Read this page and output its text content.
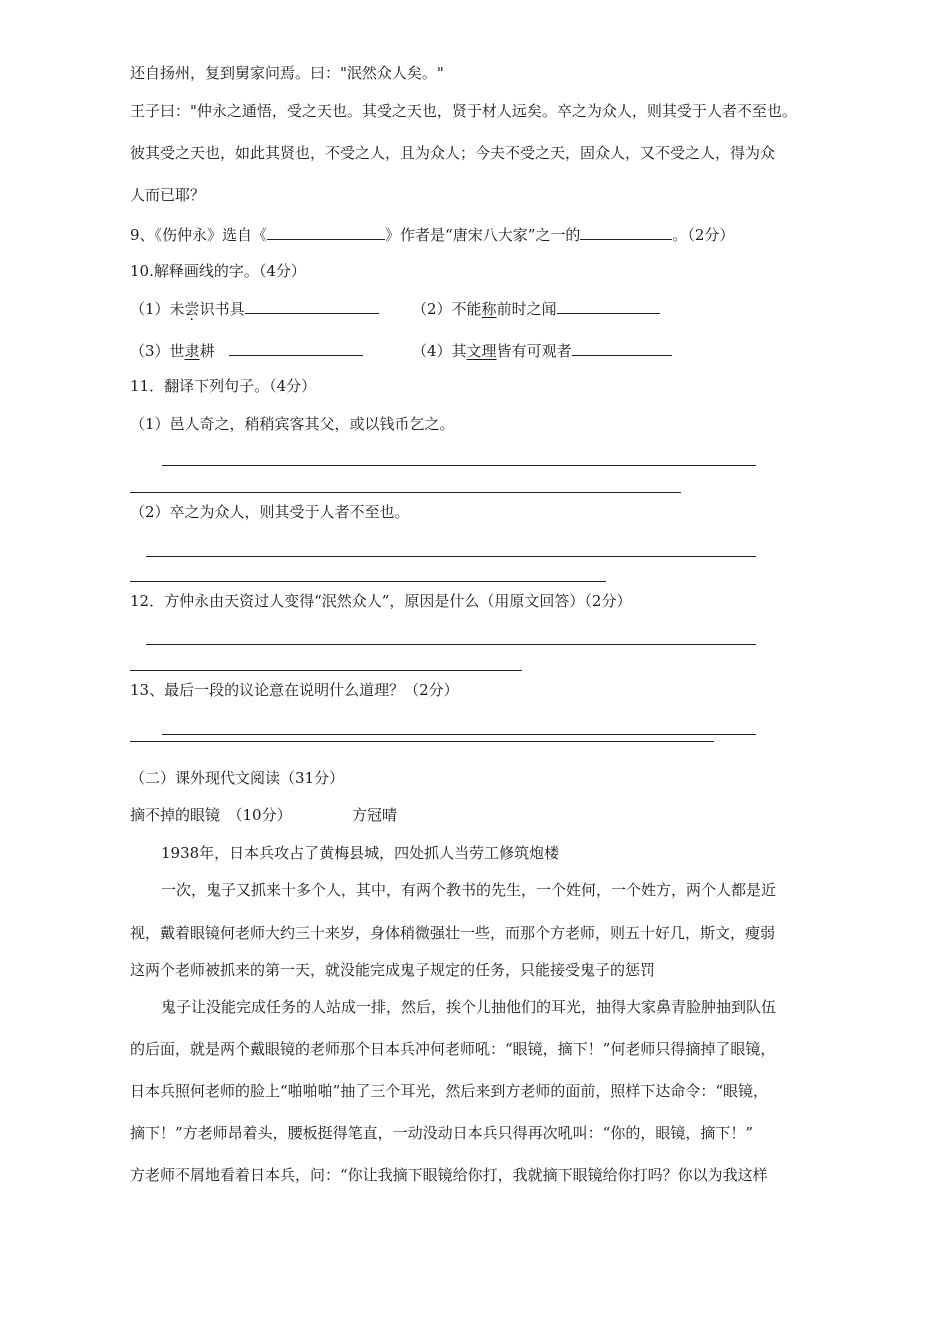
还自扬州，复到舅家问焉。曰："泯然众人矣。"
王子曰："仲永之通悟，受之天也。其受之天也，贤于材人远矣。卒之为众人，则其受于人者不至也。
彼其受之天也，如此其贤也，不受之人，且为众人；今夫不受之天，固众人，又不受之人，得为众
人而已耶？
9、《伤仲永》选自《	》作者是“唐宋八大家”之一的	。（2分）
10.解释画线的字。（4分）
（1）未尝识书具	（2）不能称前时之闻
（3）世隶耕	（4）其文理皆有可观者
11．翻译下列句子。（4分）
（1）邑人奇之，稍稍宾客其父，或以钱币乞之。
（2）卒之为众人，则其受于人者不至也。
12．方仲永由天资过人变得“泯然众人”，原因是什么（用原文回答）（2分）
13、最后一段的议论意在说明什么道理？（2分）
（二）课外现代文阅读（31分）
摘不掉的眼镜　（10分）	方冠晴
1938年，日本兵攻占了黄梅县城，四处抓人当劳工修筑炮楼
一次，鬼子又抓来十多个人，其中，有两个教书的先生，一个姓何，一个姓方，两个人都是近
视，戴着眼镜何老师大约三十来岁，身体稍微强壮一些，而那个方老师，则五十好几，斯文，瘦弱
这两个老师被抓来的第一天，就没能完成鬼子规定的任务，只能接受鬼子的惩罚
鬼子让没能完成任务的人站成一排，然后，挨个儿抽他们的耳光，抽得大家鼻青脸肿抽到队伍
的后面，就是两个戴眼镜的老师那个日本兵冲何老师吼：“眼镜，摘下！”何老师只得摘掉了眼镜，
日本兵照何老师的脸上“啪啪啪”抽了三个耳光，然后来到方老师的面前，照样下达命令：“眼镜，
摘下！”方老师昂着头，腰板挺得笔直，一动没动日本兵只得再次吼叫：“你的，眼镜，摘下！”
方老师不屑地看着日本兵，问：“你让我摘下眼镜给你打，我就摘下眼镜给你打吗？你以为我这样
